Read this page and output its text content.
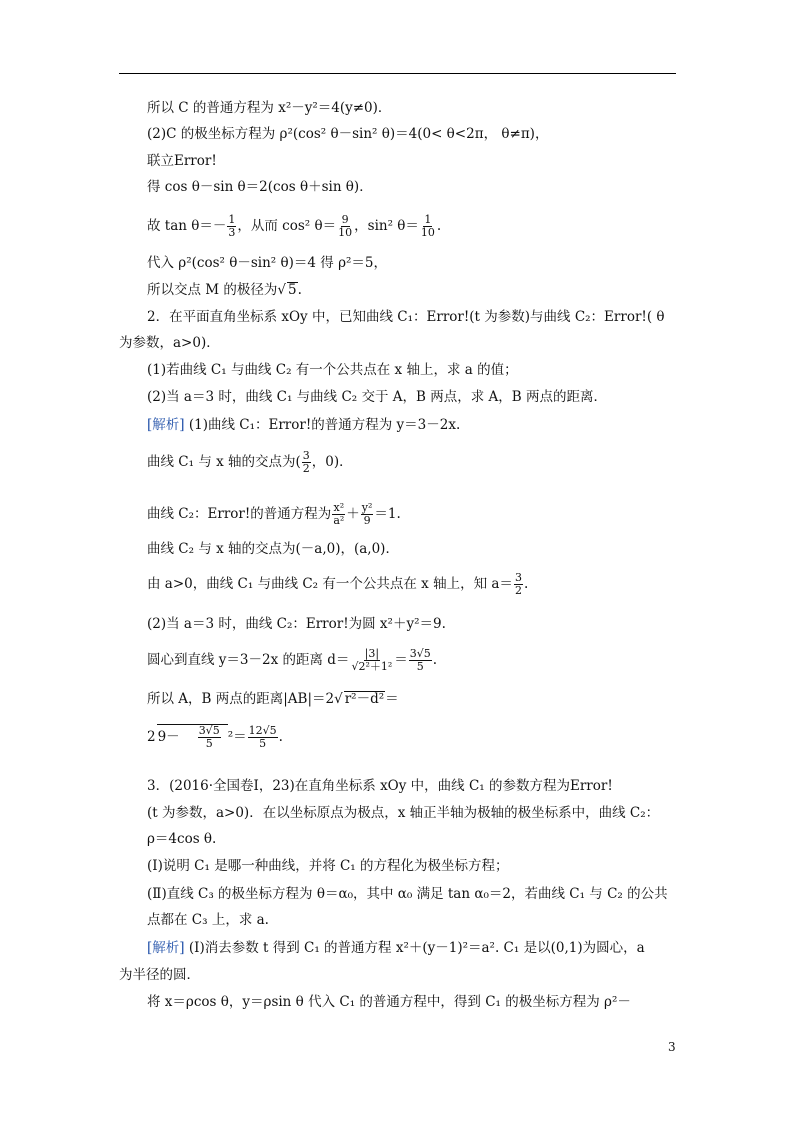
所以 C 的普通方程为 x²－y²＝4(y≠0)．
(2)C 的极坐标方程为 ρ²(cos² θ－sin² θ)＝4(0< θ<2π， θ≠π)，
联立Error!
得 cos θ－sin θ＝2(cos θ＋sin θ)．
故 $\tan \theta=- \frac{1}{3}$ ，从而 cos² $\theta= \frac{9}{10}$ ，sin² $\theta= \frac{1}{10}$ .
代入 ρ²(cos² θ－sin² θ)＝4 得 ρ²＝5，
所以交点 M 的极径为√ 5.
2．在平面直角坐标系 xOy 中，已知曲线 C₁：Error!(t 为参数)与曲线 C₂：Error!( θ
为参数，a>0)．
(1)若曲线 C₁ 与曲线 C₂ 有一个公共点在 x 轴上，求 a 的值；
(2)当 a＝3 时，曲线 C₁ 与曲线 C₂ 交于 A，B 两点，求 A，B 两点的距离．
[解析] (1)曲线 C₁：Error!的普通方程为 y＝3－2x.
曲线 C₁ 与 x 轴的交点为( $\frac{3}{2}$ ，0)．
曲线 C₂：Error!的普通方程为 $\frac{\text{x²}}{\text{a²}} + \frac{\text{y²}}{9} =1$.
曲线 C₂ 与 x 轴的交点为(－a,0)，(a,0)．
由 a>0，曲线 C₁ 与曲线 C₂ 有一个公共点在 x 轴上，知 $a= \frac{3}{2}$ .
(2)当 a＝3 时，曲线 C₂：Error!为圆 x²＋y²＝9.
圆心到直线 y＝3－2x 的距离 $d= \frac{|3|}{\text{√2²＋1²}} = \frac{3√5}{5}$ .
所以 A，B 两点的距离|AB|＝2√ r²－d²＝
2 $9- \frac{3√5}{5} ^2= \frac{12√5}{5}$ .
3．(2016·全国卷Ⅰ，23)在直角坐标系 xOy 中，曲线 C₁ 的参数方程为Error!
(t 为参数，a>0)．在以坐标原点为极点，x 轴正半轴为极轴的极坐标系中，曲线 C₂：
ρ＝4cos θ.
(Ⅰ)说明 C₁ 是哪一种曲线，并将 C₁ 的方程化为极坐标方程；
(Ⅱ)直线 C₃ 的极坐标方程为 θ＝α₀，其中 α₀ 满足 tan α₀＝2，若曲线 C₁ 与 C₂ 的公共
点都在 C₃ 上，求 a.
[解析] (Ⅰ)消去参数 t 得到 C₁ 的普通方程 x²＋(y－1)²＝a². C₁ 是以(0,1)为圆心，a
为半径的圆．
将 x＝ρcos θ，y＝ρsin θ 代入 C₁ 的普通方程中，得到 C₁ 的极坐标方程为 ρ²－
3
